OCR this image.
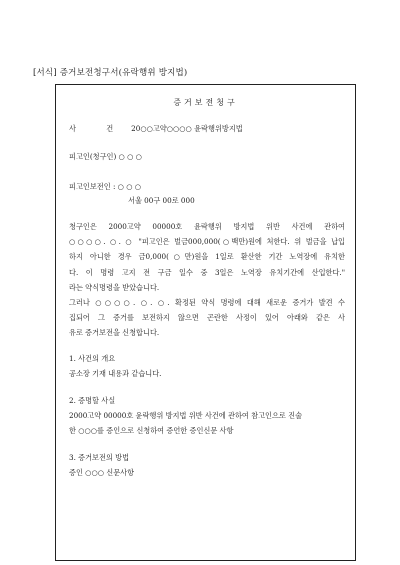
[서식] 증거보전청구서(유락행위 방지법)
증거보전청구
사 건 20○○고약○○○○ 윤락행위방지법
피고인(청구인) ○ ○ ○
피고인보전인 : ○ ○ ○
서울 00구 00로 000
청구인은 2000고약 00000호 윤락행위 방지법 위반 사건에 관하여
○○○○. ○. ○ "피고인은 벌금000,000(○백만)원에 처한다. 위 벌금을 납입
하지 아니한 경우 금0,000(○만)원을 1일로 환산한 기간 노역장에 유치한
다. 이 명령 고지 전 구금 일수 중 3일은 노역장 유치기간에 산입한다."
라는 약식명령을 받았습니다.
그러나 ○○○○. ○. ○. 확정된 약식 명령에 대해 새로운 증거가 발견 수
집되어 그 증거를 보전하지 않으면 곤란한 사정이 있어 아래와 같은 사
유로 증거보전을 신청합니다.
1. 사건의 개요
공소장 기재 내용과 같습니다.
2. 증명할 사실
2000고약 00000호 윤락행위 방지법 위반 사건에 관하여 참고인으로 진술
한 ○○○를 증인으로 신청하여 증언한 증인신문 사항
3. 증거보전의 방법
증인 ○○○ 신문사항
